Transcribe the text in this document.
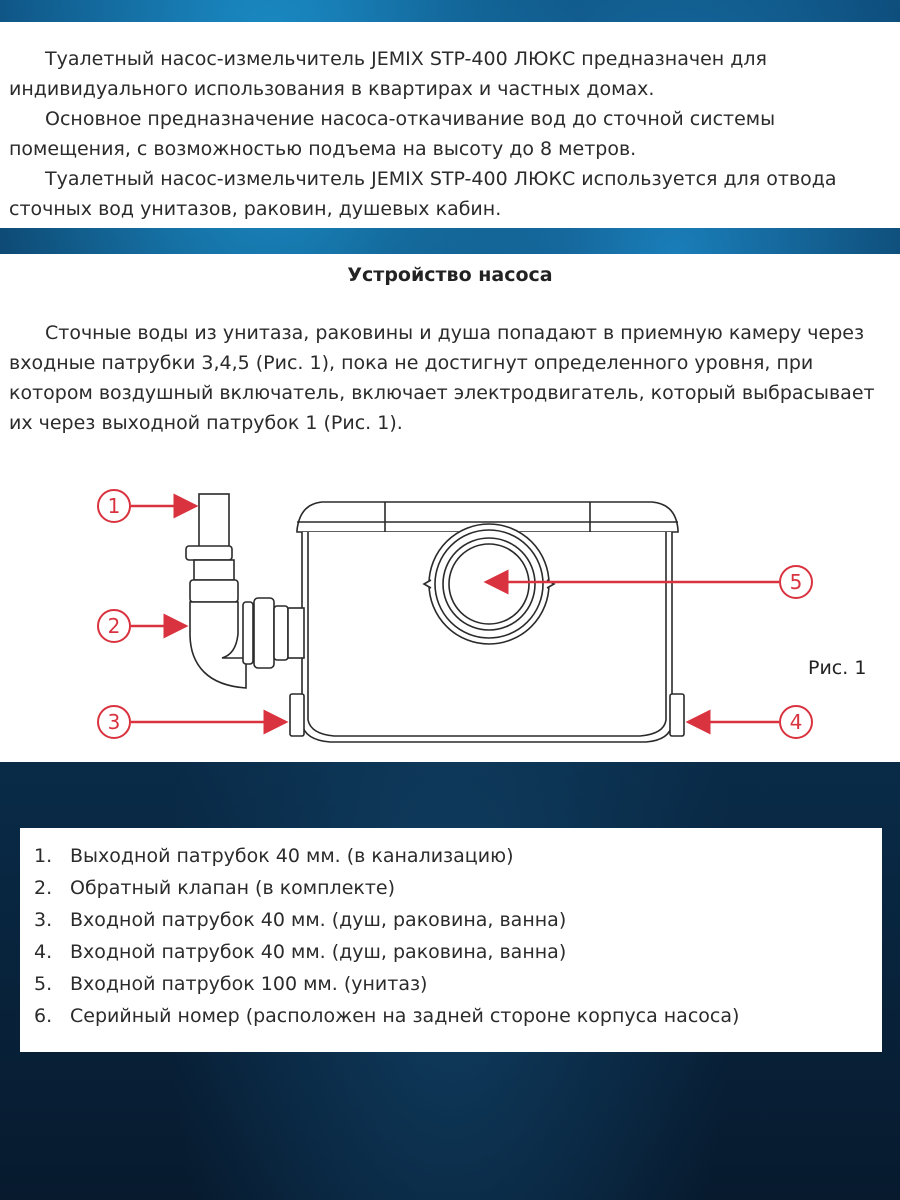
Туалетный насос-измельчитель JEMIX STP-400 ЛЮКС предназначен для индивидуального использования в квартирах и частных домах.

Основное предназначение насоса-откачивание вод до сточной системы помещения, с возможностью подъема на высоту до 8 метров.

Туалетный насос-измельчитель JEMIX STP-400 ЛЮКС используется для отвода сточных вод унитазов, раковин, душевых кабин.

Устройство насоса

Сточные воды из унитаза, раковины и душа попадают в приемную камеру через входные патрубки 3,4,5 (Рис. 1), пока не достигнут определенного уровня, при котором воздушный включатель, включает электродвигатель, который выбрасывает их через выходной патрубок 1 (Рис. 1).

1
2
3	4
5
Рис. 1
1. Выходной патрубок 40 мм. (в канализацию)
2. Обратный клапан (в комплекте)
3. Входной патрубок 40 мм. (душ, раковина, ванна)
4. Входной патрубок 40 мм. (душ, раковина, ванна)
5. Входной патрубок 100 мм. (унитаз)
6. Серийный номер (расположен на задней стороне корпуса насоса)
